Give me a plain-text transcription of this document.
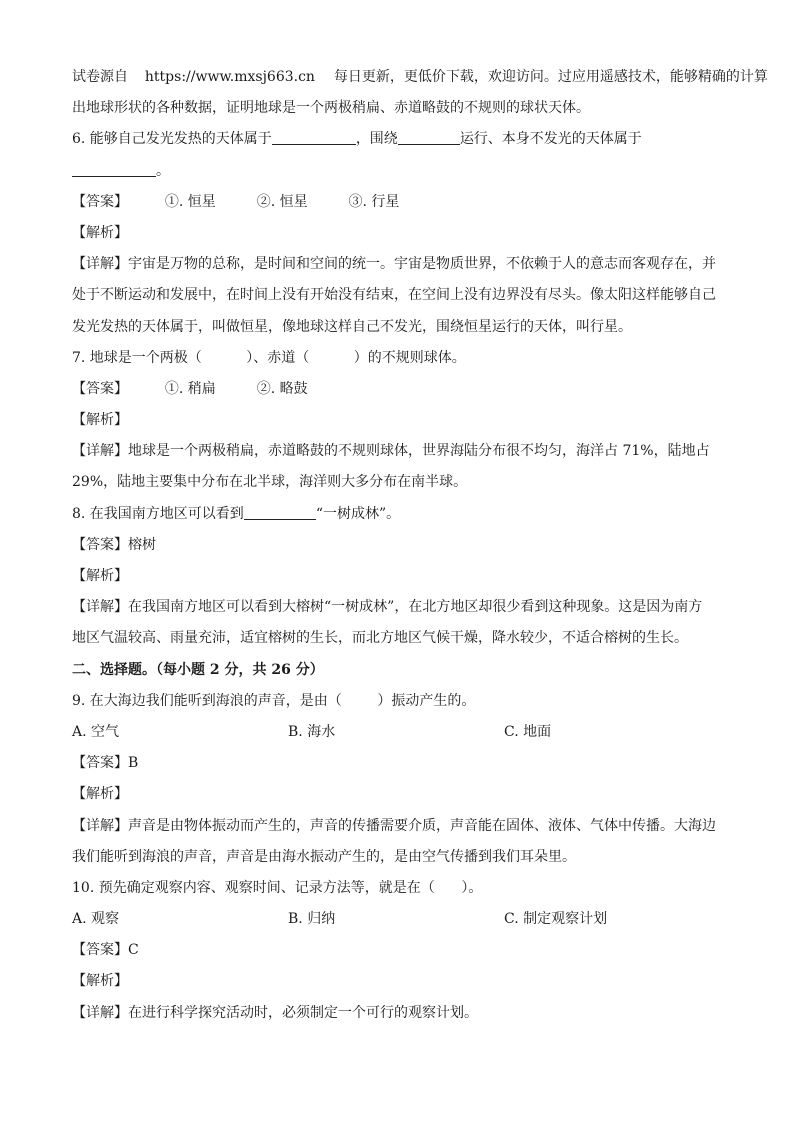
试卷源自 https://www.mxsj663.cn 每日更新，更低价下载，欢迎访问。过应用遥感技术，能够精确的计算
出地球形状的各种数据，证明地球是一个两极稍扁、赤道略鼓的不规则的球状天体。
6. 能够自己发光发热的天体属于	，围绕	运行、本身不发光的天体属于
。
【答案】	①. 恒星	②. 恒星	③. 行星
【解析】
【详解】宇宙是万物的总称，是时间和空间的统一。宇宙是物质世界，不依赖于人的意志而客观存在，并
处于不断运动和发展中，在时间上没有开始没有结束，在空间上没有边界没有尽头。像太阳这样能够自己
发光发热的天体属于，叫做恒星，像地球这样自己不发光，围绕恒星运行的天体，叫行星。
7. 地球是一个两极（          ）、赤道（          ）的不规则球体。
【答案】	①. 稍扁	②. 略鼓
【解析】
【详解】地球是一个两极稍扁，赤道略鼓的不规则球体，世界海陆分布很不均匀，海洋占 71%，陆地占
29%，陆地主要集中分布在北半球，海洋则大多分布在南半球。
8. 在我国南方地区可以看到	“一树成林”。
【答案】榕树
【解析】
【详解】在我国南方地区可以看到大榕树“一树成林”，在北方地区却很少看到这种现象。这是因为南方
地区气温较高、雨量充沛，适宜榕树的生长，而北方地区气候干燥，降水较少，不适合榕树的生长。
二、选择题。（每小题 2 分，共 26 分）
9. 在大海边我们能听到海浪的声音，是由（        ）振动产生的。
A. 空气	B. 海水	C. 地面
【答案】B
【解析】
【详解】声音是由物体振动而产生的，声音的传播需要介质，声音能在固体、液体、气体中传播。大海边
我们能听到海浪的声音，声音是由海水振动产生的，是由空气传播到我们耳朵里。
10. 预先确定观察内容、观察时间、记录方法等，就是在（      ）。
A. 观察	B. 归纳	C. 制定观察计划
【答案】C
【解析】
【详解】在进行科学探究活动时，必须制定一个可行的观察计划。
